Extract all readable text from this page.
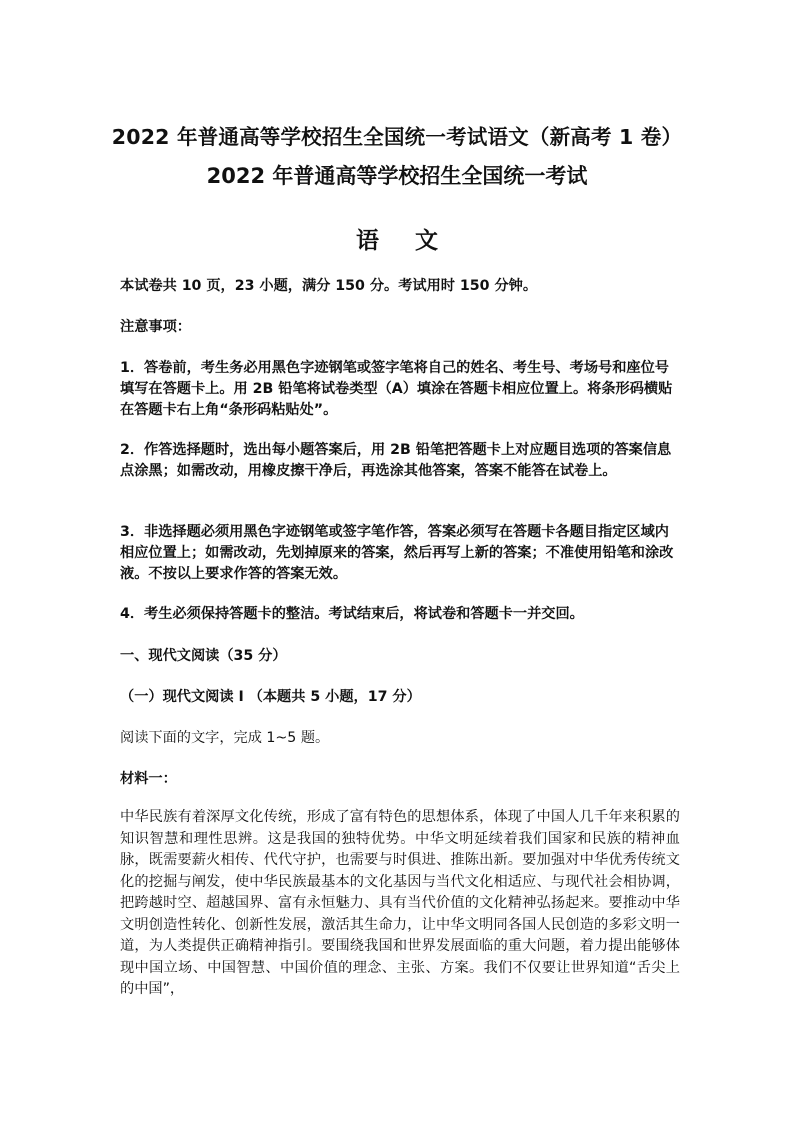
2022 年普通高等学校招生全国统一考试语文（新高考 1 卷）
2022 年普通高等学校招生全国统一考试
语 文
本试卷共 10 页，23 小题，满分 150 分。考试用时 150 分钟。
注意事项：
1．答卷前，考生务必用黑色字迹钢笔或签字笔将自己的姓名、考生号、考场号和座位号填写在答题卡上。用 2B 铅笔将试卷类型（A）填涂在答题卡相应位置上。将条形码横贴在答题卡右上角“条形码粘贴处”。
2．作答选择题时，选出每小题答案后，用 2B 铅笔把答题卡上对应题目选项的答案信息点涂黑；如需改动，用橡皮擦干净后，再选涂其他答案，答案不能答在试卷上。
3．非选择题必须用黑色字迹钢笔或签字笔作答，答案必须写在答题卡各题目指定区域内相应位置上；如需改动，先划掉原来的答案，然后再写上新的答案；不准使用铅笔和涂改液。不按以上要求作答的答案无效。
4．考生必须保持答题卡的整洁。考试结束后，将试卷和答题卡一并交回。
一、现代文阅读（35 分）
（一）现代文阅读 I （本题共 5 小题，17 分）
阅读下面的文字，完成 1~5 题。
材料一：
中华民族有着深厚文化传统，形成了富有特色的思想体系，体现了中国人几千年来积累的知识智慧和理性思辨。这是我国的独特优势。中华文明延续着我们国家和民族的精神血脉，既需要薪火相传、代代守护，也需要与时俱进、推陈出新。要加强对中华优秀传统文化的挖掘与阐发，使中华民族最基本的文化基因与当代文化相适应、与现代社会相协调，把跨越时空、超越国界、富有永恒魅力、具有当代价值的文化精神弘扬起来。要推动中华文明创造性转化、创新性发展，激活其生命力，让中华文明同各国人民创造的多彩文明一道，为人类提供正确精神指引。要围绕我国和世界发展面临的重大问题，着力提出能够体现中国立场、中国智慧、中国价值的理念、主张、方案。我们不仅要让世界知道“舌尖上的中国”，
